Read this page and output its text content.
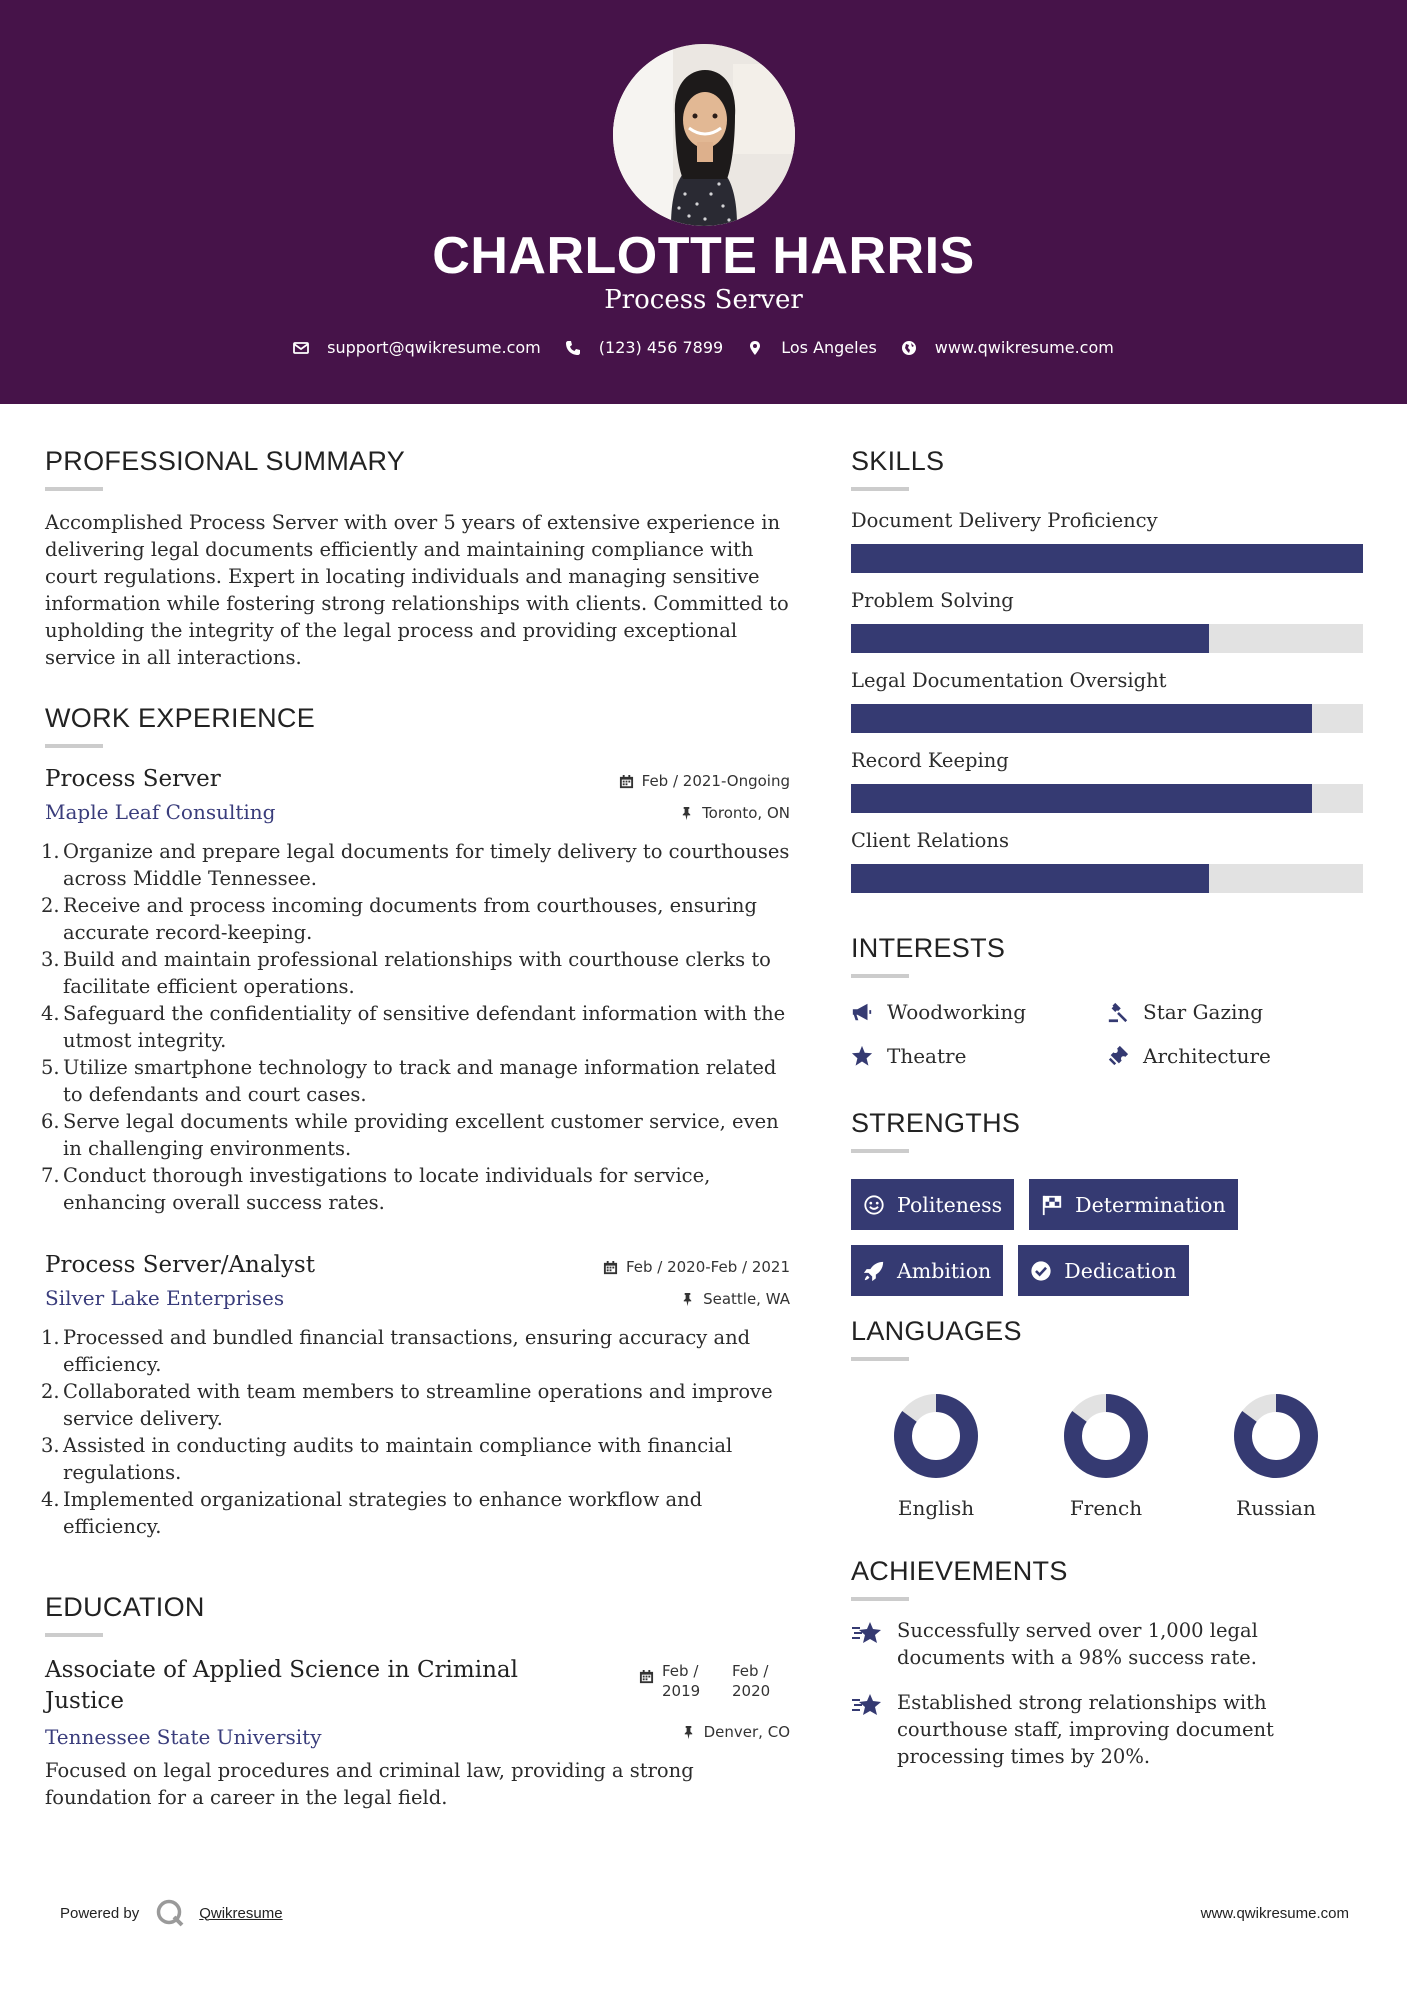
CHARLOTTE HARRIS
Process Server
support@qwikresume.com	(123) 456 7899	Los Angeles	www.qwikresume.com
PROFESSIONAL SUMMARY

Accomplished Process Server with over 5 years of extensive experience in delivering legal documents efficiently and maintaining compliance with court regulations. Expert in locating individuals and managing sensitive information while fostering strong relationships with clients. Committed to upholding the integrity of the legal process and providing exceptional service in all interactions.

WORK EXPERIENCE
Feb / 2021-Ongoing
Toronto, ON
Process Server
Maple Leaf Consulting
1. Organize and prepare legal documents for timely delivery to courthouses across Middle Tennessee.
2. Receive and process incoming documents from courthouses, ensuring accurate record-keeping.
3. Build and maintain professional relationships with courthouse clerks to facilitate efficient operations.
4. Safeguard the confidentiality of sensitive defendant information with the utmost integrity.
5. Utilize smartphone technology to track and manage information related to defendants and court cases.
6. Serve legal documents while providing excellent customer service, even in challenging environments.
7. Conduct thorough investigations to locate individuals for service, enhancing overall success rates.
Feb / 2020-Feb / 2021
Seattle, WA
Process Server/Analyst
Silver Lake Enterprises
1. Processed and bundled financial transactions, ensuring accuracy and efficiency.
2. Collaborated with team members to streamline operations and improve service delivery.
3. Assisted in conducting audits to maintain compliance with financial regulations.
4. Implemented organizational strategies to enhance workflow and efficiency.
EDUCATION
Feb / 2019
Feb / 2020
Denver, CO
Associate of Applied Science in Criminal Justice
Tennessee State University

Focused on legal procedures and criminal law, providing a strong foundation for a career in the legal field.

SKILLS
Document Delivery Proficiency
Problem Solving
Legal Documentation Oversight
Record Keeping
Client Relations
INTERESTS
Woodworking	Star Gazing
Theatre	Architecture
STRENGTHS
Politeness	Determination
Ambition	Dedication
LANGUAGES
English	French	Russian
ACHIEVEMENTS
Successfully served over 1,000 legal documents with a 98% success rate.
Established strong relationships with courthouse staff, improving document processing times by 20%.
Powered by	Qwikresume	www.qwikresume.com
